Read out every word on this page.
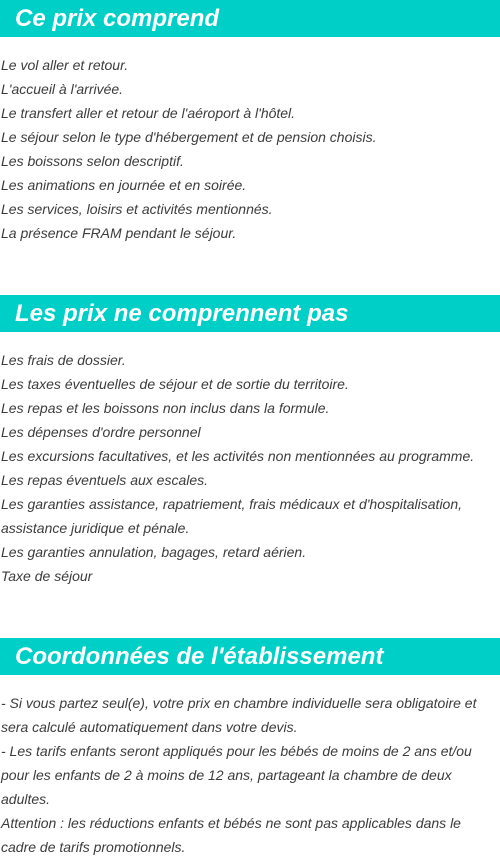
Ce prix comprend
Le vol aller et retour.
L'accueil à l'arrivée.
Le transfert aller et retour de l'aéroport à l'hôtel.
Le séjour selon le type d'hébergement et de pension choisis.
Les boissons selon descriptif.
Les animations en journée et en soirée.
Les services, loisirs et activités mentionnés.
La présence FRAM pendant le séjour.
Les prix ne comprennent pas
Les frais de dossier.
Les taxes éventuelles de séjour et de sortie du territoire.
Les repas et les boissons non inclus dans la formule.
Les dépenses d'ordre personnel
Les excursions facultatives, et les activités non mentionnées au programme.
Les repas éventuels aux escales.
Les garanties assistance, rapatriement, frais médicaux et d'hospitalisation, assistance juridique et pénale.
Les garanties annulation, bagages, retard aérien.
Taxe de séjour
Coordonnées de l'établissement
- Si vous partez seul(e), votre prix en chambre individuelle sera obligatoire et sera calculé automatiquement dans votre devis.
- Les tarifs enfants seront appliqués pour les bébés de moins de 2 ans et/ou pour les enfants de 2 à moins de 12 ans, partageant la chambre de deux adultes.
Attention : les réductions enfants et bébés ne sont pas applicables dans le cadre de tarifs promotionnels.
